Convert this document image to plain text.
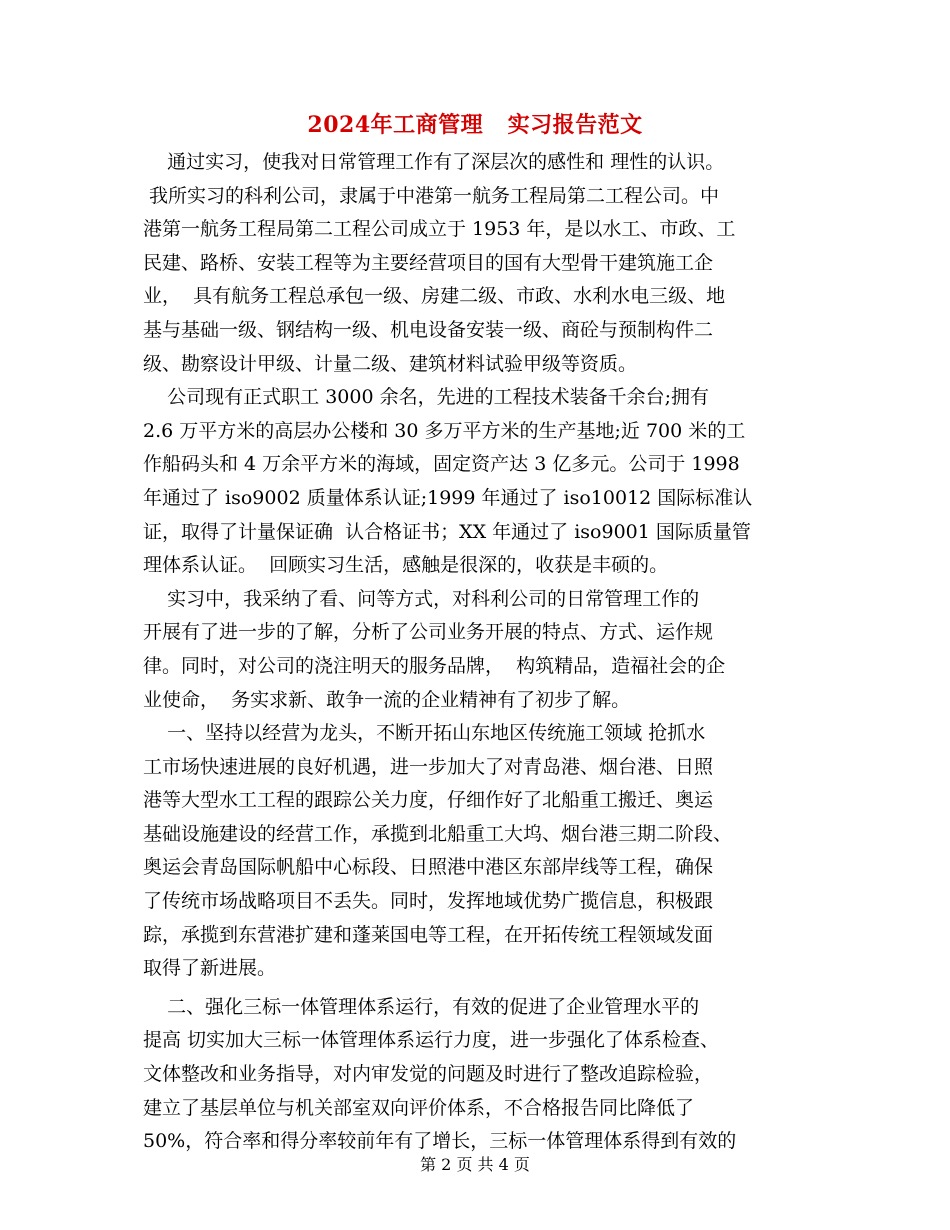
2024年工商管理   实习报告范文
通过实习，使我对日常管理工作有了深层次的感性和 理性的认识。
我所实习的科利公司，隶属于中港第一航务工程局第二工程公司。中
港第一航务工程局第二工程公司成立于 1953 年，是以水工、市政、工
民建、路桥、安装工程等为主要经营项目的国有大型骨干建筑施工企
业，  具有航务工程总承包一级、房建二级、市政、水利水电三级、地
基与基础一级、钢结构一级、机电设备安装一级、商砼与预制构件二
级、勘察设计甲级、计量二级、建筑材料试验甲级等资质。
公司现有正式职工 3000 余名，先进的工程技术装备千余台;拥有
2.6 万平方米的高层办公楼和 30 多万平方米的生产基地;近 700 米的工
作船码头和 4 万余平方米的海域，固定资产达 3 亿多元。公司于 1998
年通过了 iso9002 质量体系认证;1999 年通过了 iso10012 国际标准认
证，取得了计量保证确  认合格证书；XX 年通过了 iso9001 国际质量管
理体系认证。  回顾实习生活，感触是很深的，收获是丰硕的。
实习中，我采纳了看、问等方式，对科利公司的日常管理工作的
开展有了进一步的了解，分析了公司业务开展的特点、方式、运作规
律。同时，对公司的浇注明天的服务品牌，  构筑精品，造福社会的企
业使命，  务实求新、敢争一流的企业精神有了初步了解。
一、坚持以经营为龙头，不断开拓山东地区传统施工领域 抢抓水
工市场快速进展的良好机遇，进一步加大了对青岛港、烟台港、日照
港等大型水工工程的跟踪公关力度，仔细作好了北船重工搬迁、奥运
基础设施建设的经营工作，承揽到北船重工大坞、烟台港三期二阶段、
奥运会青岛国际帆船中心标段、日照港中港区东部岸线等工程，确保
了传统市场战略项目不丢失。同时，发挥地域优势广揽信息，积极跟
踪，承揽到东营港扩建和蓬莱国电等工程，在开拓传统工程领域发面
取得了新进展。
二、强化三标一体管理体系运行，有效的促进了企业管理水平的
提高 切实加大三标一体管理体系运行力度，进一步强化了体系检查、
文体整改和业务指导，对内审发觉的问题及时进行了整改追踪检验，
建立了基层单位与机关部室双向评价体系，不合格报告同比降低了
50%，符合率和得分率较前年有了增长，三标一体管理体系得到有效的
第 2 页 共 4 页
